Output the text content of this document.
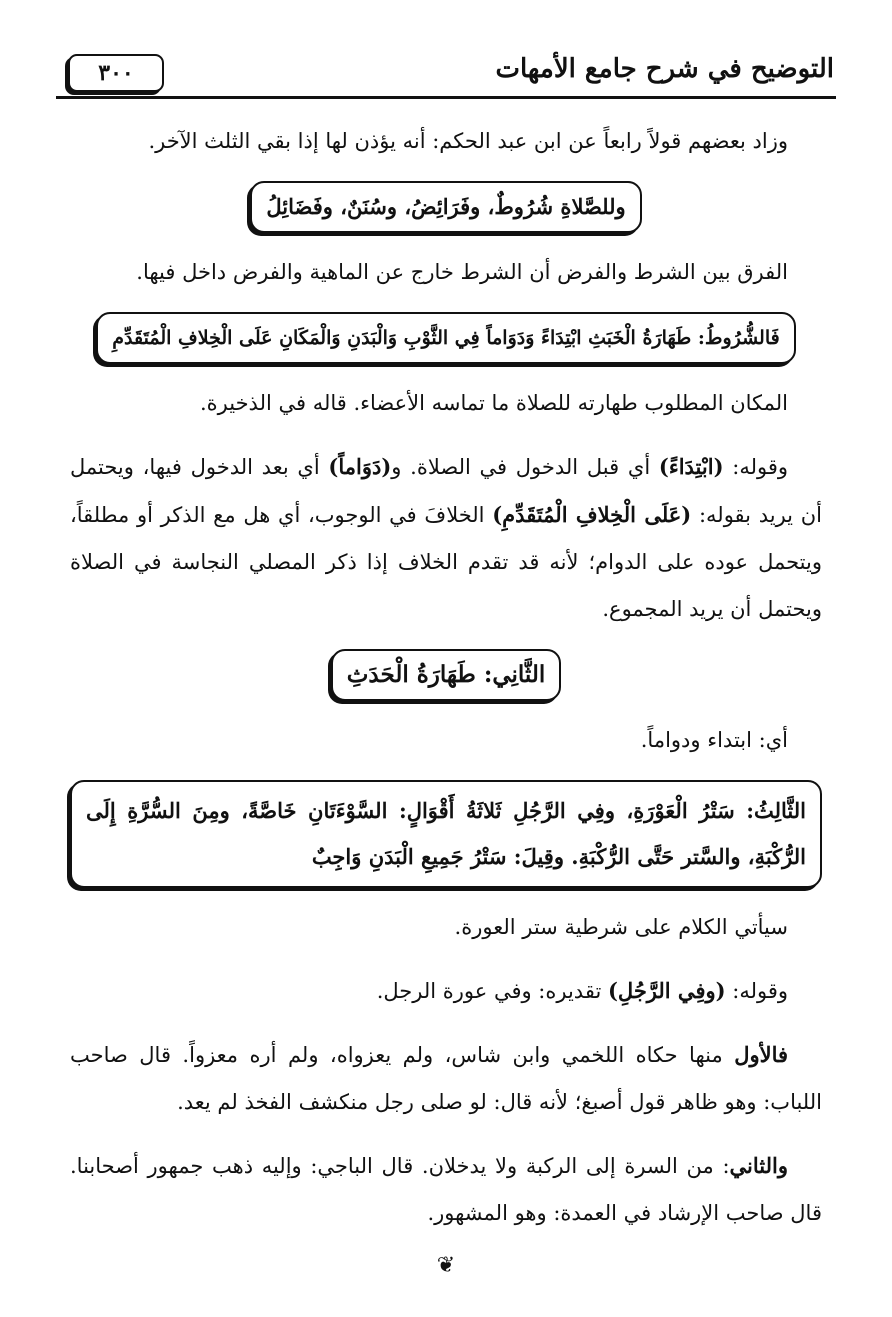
التوضيح في شرح جامع الأمهات
٣٠٠

وزاد بعضهم قولاً رابعاً عن ابن عبد الحكم: أنه يؤذن لها إذا بقي الثلث الآخر.

وللصَّلاةِ شُرُوطٌ، وفَرَائِضُ، وسُنَنٌ، وفَضَائِلُ

الفرق بين الشرط والفرض أن الشرط خارج عن الماهية والفرض داخل فيها.

فَالشُّرُوطُ: طَهَارَةُ الْخَبَثِ ابْتِدَاءً وَدَوَاماً فِي الثَّوْبِ وَالْبَدَنِ وَالْمَكَانِ عَلَى الْخِلافِ الْمُتَقَدِّمِ

المكان المطلوب طهارته للصلاة ما تماسه الأعضاء. قاله في الذخيرة.

وقوله: (ابْتِدَاءً) أي قبل الدخول في الصلاة. و(دَوَاماً) أي بعد الدخول فيها، ويحتمل أن يريد بقوله: (عَلَى الْخِلافِ الْمُتَقَدِّمِ) الخلافَ في الوجوب، أي هل مع الذكر أو مطلقاً، ويتحمل عوده على الدوام؛ لأنه قد تقدم الخلاف إذا ذكر المصلي النجاسة في الصلاة ويحتمل أن يريد المجموع.

الثَّانِي: طَهَارَةُ الْحَدَثِ

أي: ابتداء ودواماً.

الثَّالِثُ: سَتْرُ الْعَوْرَةِ، وفِي الرَّجُلِ ثَلاثَةُ أَقْوَالٍ: السَّوْءَتَانِ خَاصَّةً، ومِنَ السُّرَّةِ إِلَى الرُّكْبَةِ، والسَّتر حَتَّى الرُّكْبَةِ. وقِيلَ: سَتْرُ جَمِيعِ الْبَدَنِ وَاجِبٌ

سيأتي الكلام على شرطية ستر العورة.

وقوله: (وفِي الرَّجُلِ) تقديره: وفي عورة الرجل.

فالأول منها حكاه اللخمي وابن شاس، ولم يعزواه، ولم أره معزواً. قال صاحب اللباب: وهو ظاهر قول أصبغ؛ لأنه قال: لو صلى رجل منكشف الفخذ لم يعد.

والثاني: من السرة إلى الركبة ولا يدخلان. قال الباجي: وإليه ذهب جمهور أصحابنا. قال صاحب الإرشاد في العمدة: وهو المشهور.

❦
